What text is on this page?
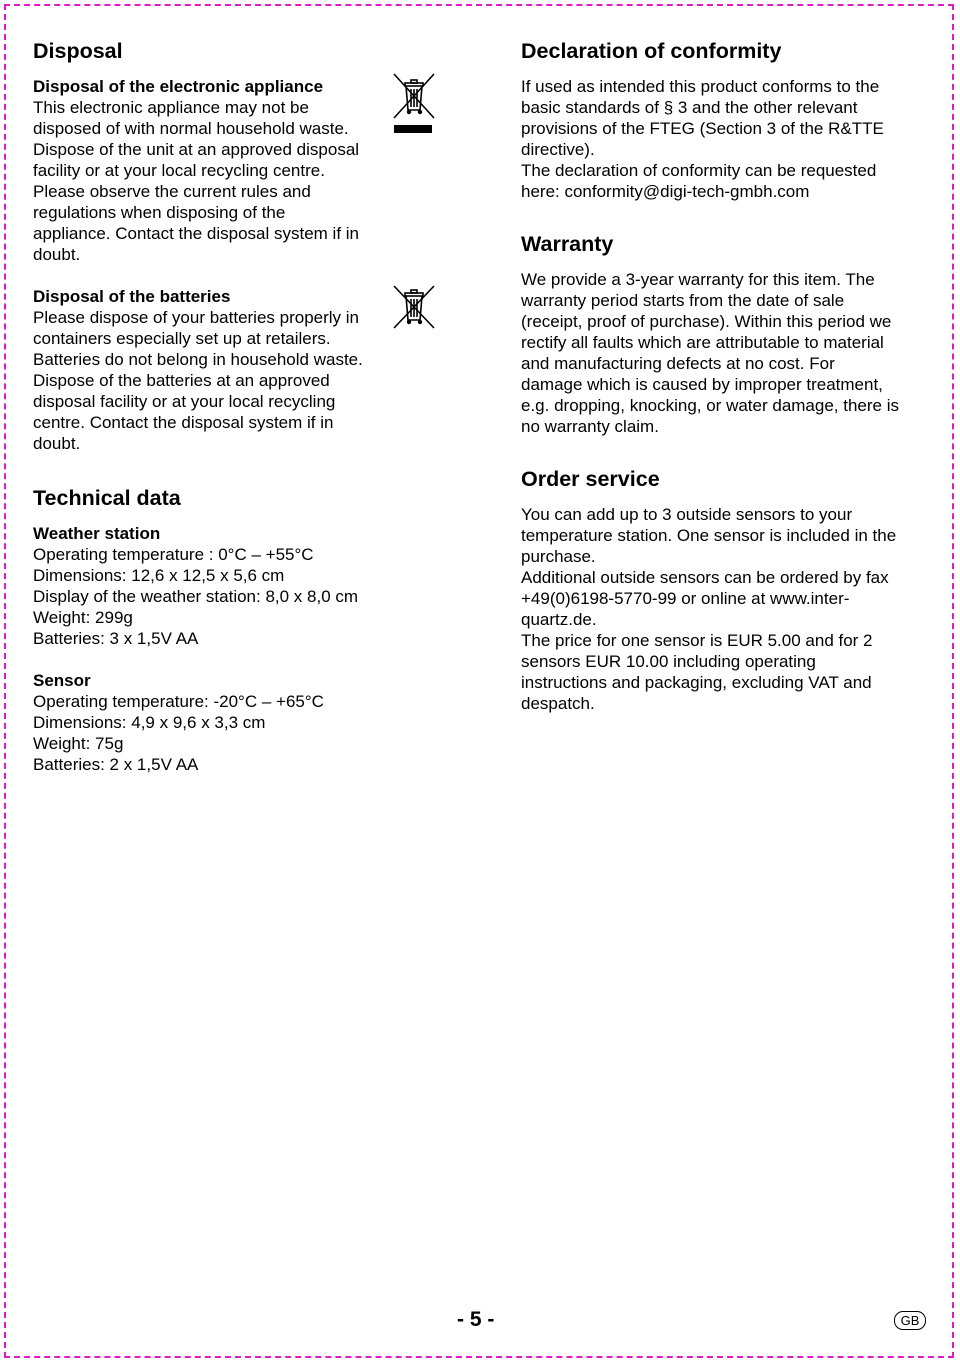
Disposal
Disposal of the electronic appliance

This electronic appliance may not be
disposed of with normal household waste.
Dispose of the unit at an approved disposal
facility or at your local recycling centre.
Please observe the current rules and
regulations when disposing of the
appliance. Contact the disposal system if in
doubt.

Disposal of the batteries

Please dispose of your batteries properly in
containers especially set up at retailers.
Batteries do not belong in household waste.
Dispose of the batteries at an approved
disposal facility or at your local recycling
centre. Contact the disposal system if in
doubt.

Technical data
Weather station

Operating temperature : 0°C – +55°C
Dimensions: 12,6 x 12,5 x 5,6 cm
Display of the weather station: 8,0 x 8,0 cm
Weight: 299g
Batteries: 3 x 1,5V AA

Sensor

Operating temperature: -20°C – +65°C
Dimensions: 4,9 x 9,6 x 3,3 cm
Weight: 75g
Batteries: 2 x 1,5V AA

Declaration of conformity

If used as intended this product conforms to the
basic standards of § 3 and the other relevant
provisions of the FTEG (Section 3 of the R&TTE
directive).
The declaration of conformity can be requested
here: conformity@digi-tech-gmbh.com

Warranty

We provide a 3-year warranty for this item. The
warranty period starts from the date of sale
(receipt, proof of purchase). Within this period we
rectify all faults which are attributable to material
and manufacturing defects at no cost. For
damage which is caused by improper treatment,
e.g. dropping, knocking, or water damage, there is
no warranty claim.

Order service

You can add up to 3 outside sensors to your
temperature station. One sensor is included in the
purchase.
Additional outside sensors can be ordered by fax
+49(0)6198-5770-99 or online at www.inter-
quartz.de.
The price for one sensor is EUR 5.00 and for 2
sensors EUR 10.00 including operating
instructions and packaging, excluding VAT and
despatch.

- 5 -	GB
